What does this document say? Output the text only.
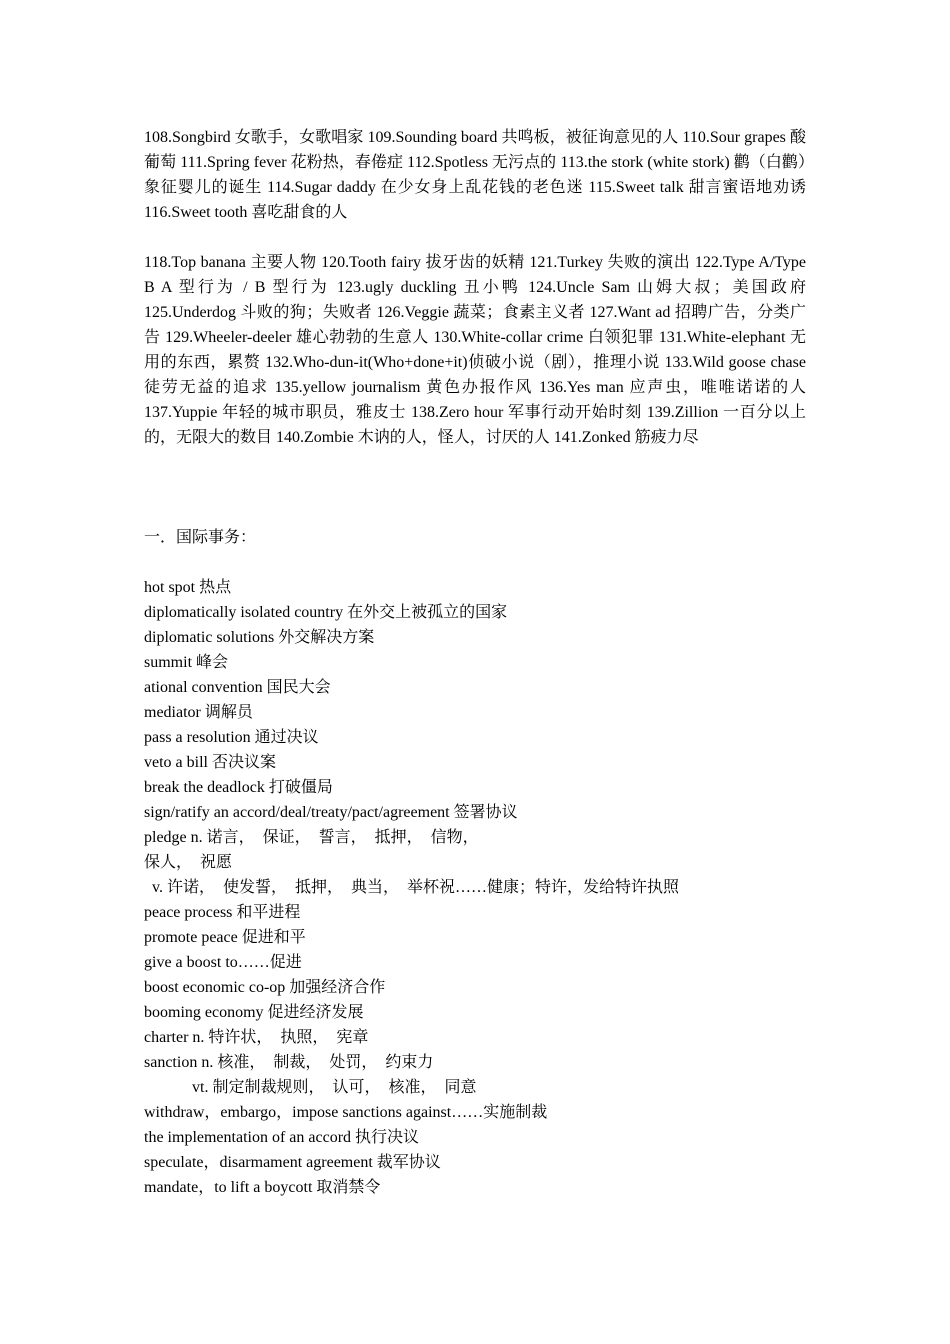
108.Songbird 女歌手，女歌唱家 109.Sounding board 共鸣板，被征询意见的人 110.Sour grapes 酸葡萄 111.Spring fever 花粉热，春倦症 112.Spotless 无污点的 113.the stork (white stork) 鹳（白鹳）象征婴儿的诞生 114.Sugar daddy 在少女身上乱花钱的老色迷 115.Sweet talk 甜言蜜语地劝诱 116.Sweet tooth 喜吃甜食的人

118.Top banana 主要人物 120.Tooth fairy 拔牙齿的妖精 121.Turkey 失败的演出 122.Type A/Type B A 型行为 / B 型行为 123.ugly duckling 丑小鸭 124.Uncle Sam 山姆大叔；美国政府 125.Underdog 斗败的狗；失败者 126.Veggie 蔬菜；食素主义者 127.Want ad 招聘广告，分类广告 129.Wheeler-deeler 雄心勃勃的生意人 130.White-collar crime 白领犯罪 131.White-elephant 无用的东西，累赘 132.Who-dun-it(Who+done+it)侦破小说（剧），推理小说 133.Wild goose chase 徒劳无益的追求 135.yellow journalism 黄色办报作风 136.Yes man 应声虫，唯唯诺诺的人 137.Yuppie 年轻的城市职员，雅皮士 138.Zero hour 军事行动开始时刻 139.Zillion 一百分以上的，无限大的数目 140.Zombie 木讷的人，怪人，讨厌的人 141.Zonked 筋疲力尽

一．国际事务：

hot spot 热点
diplomatically isolated country 在外交上被孤立的国家
diplomatic solutions 外交解决方案
summit 峰会
ational convention 国民大会
mediator 调解员
pass a resolution 通过决议
veto a bill 否决议案
break the deadlock 打破僵局
sign/ratify an accord/deal/treaty/pact/agreement 签署协议
pledge n. 诺言，  保证，  誓言，  抵押，  信物，
保人，  祝愿
v. 许诺，  使发誓，  抵押，  典当，  举杯祝……健康；特许，发给特许执照
peace process 和平进程
promote peace 促进和平
give a boost to……促进
boost economic co-op 加强经济合作
booming economy 促进经济发展
charter n. 特许状，  执照，  宪章
sanction n. 核准，  制裁，  处罚，  约束力
vt. 制定制裁规则，  认可，  核准，  同意
withdraw，embargo，impose sanctions against……实施制裁
the implementation of an accord 执行决议
speculate，disarmament agreement 裁军协议
mandate，to lift a boycott 取消禁令
